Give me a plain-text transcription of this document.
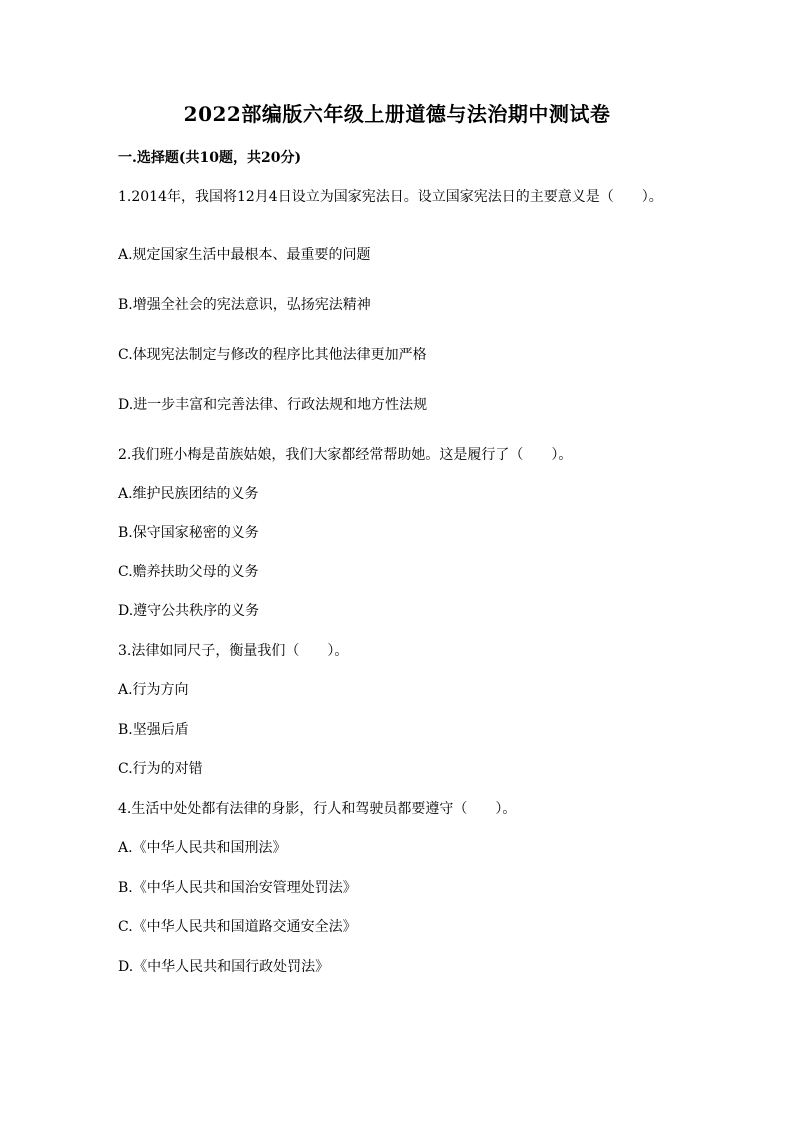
2022部编版六年级上册道德与法治期中测试卷
一.选择题(共10题，共20分)
1.2014年，我国将12月4日设立为国家宪法日。设立国家宪法日的主要意义是（　　）。
A.规定国家生活中最根本、最重要的问题
B.增强全社会的宪法意识，弘扬宪法精神
C.体现宪法制定与修改的程序比其他法律更加严格
D.进一步丰富和完善法律、行政法规和地方性法规
2.我们班小梅是苗族姑娘，我们大家都经常帮助她。这是履行了（　　）。
A.维护民族团结的义务
B.保守国家秘密的义务
C.赡养扶助父母的义务
D.遵守公共秩序的义务
3.法律如同尺子，衡量我们（　　）。
A.行为方向
B.坚强后盾
C.行为的对错
4.生活中处处都有法律的身影，行人和驾驶员都要遵守（　　）。
A.《中华人民共和国刑法》
B.《中华人民共和国治安管理处罚法》
C.《中华人民共和国道路交通安全法》
D.《中华人民共和国行政处罚法》
